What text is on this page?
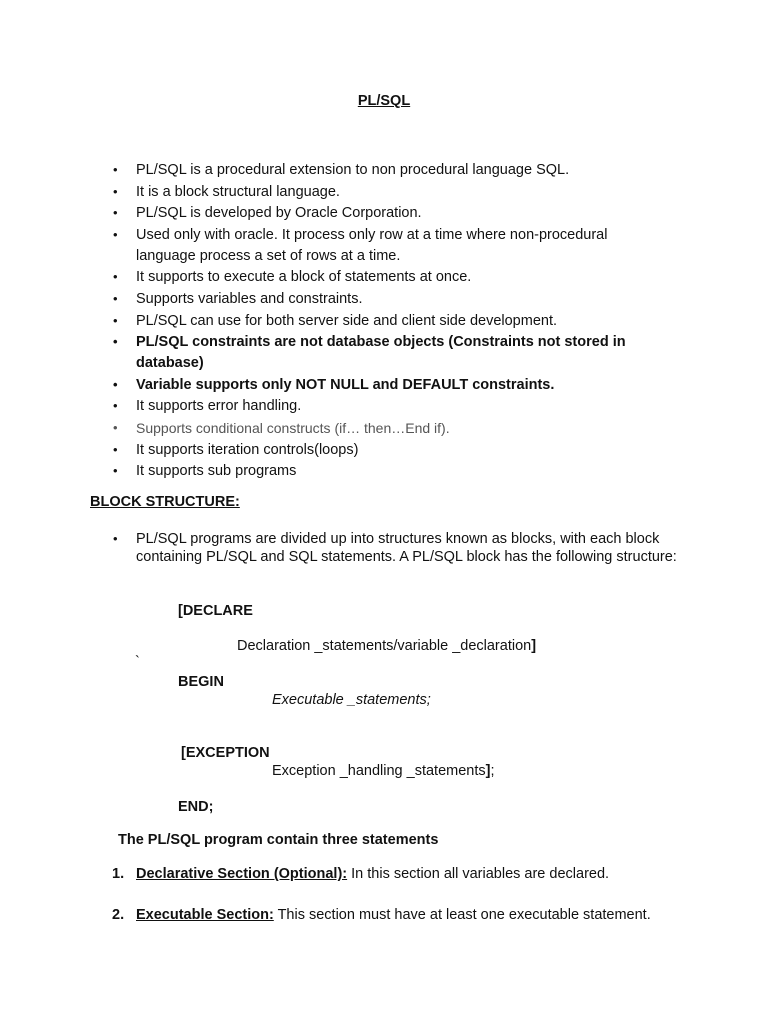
PL/SQL
• PL/SQL is a procedural extension to non procedural language SQL.
• It is a block structural language.
• PL/SQL is developed by Oracle Corporation.
• Used only with oracle. It process only row at a time where non-procedural language process a set of rows at a time.
• It supports to execute a block of statements at once.
• Supports variables and constraints.
• PL/SQL can use for both server side and client side development.
• PL/SQL constraints are not database objects (Constraints not stored in database)
• Variable supports only NOT NULL and DEFAULT constraints.
• It supports error handling.
• Supports conditional constructs (if… then…End if).
• It supports iteration controls(loops)
• It supports sub programs
BLOCK STRUCTURE:
• PL/SQL programs are divided up into structures known as blocks, with each block containing PL/SQL and SQL statements. A PL/SQL block has the following structure:
[DECLARE
Declaration _statements/variable _declaration]
`
BEGIN
Executable _statements;
[EXCEPTION
Exception _handling _statements];
END;
The PL/SQL program contain three statements
1. Declarative Section (Optional): In this section all variables are declared.
2. Executable Section: This section must have at least one executable statement.
